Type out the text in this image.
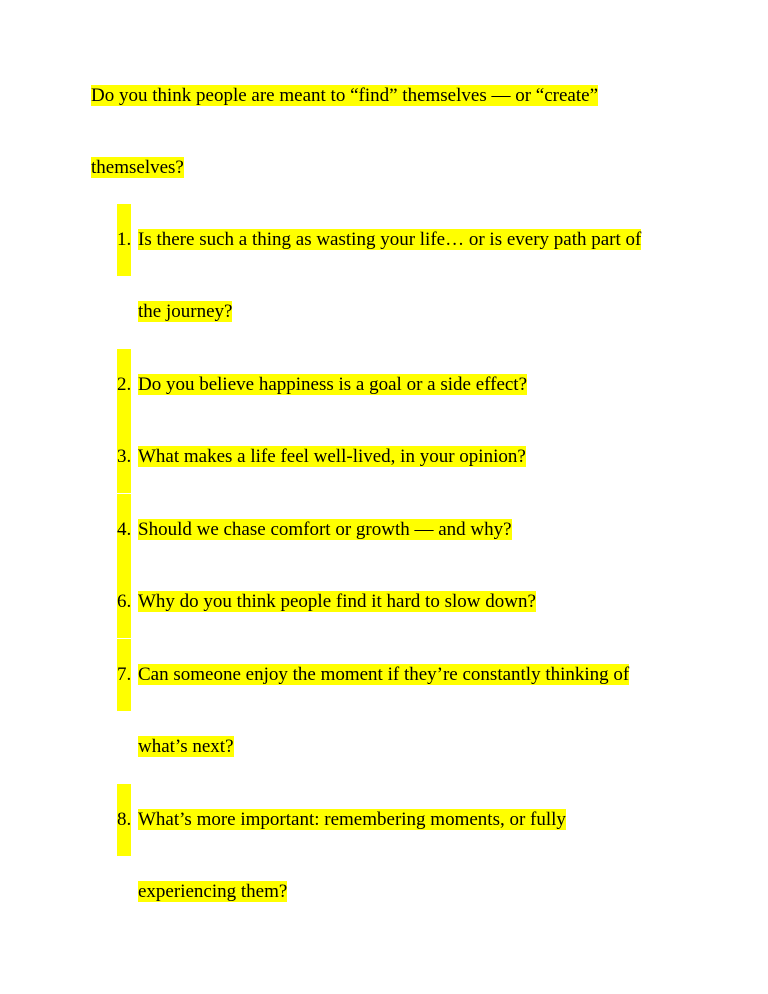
Do you think people are meant to “find” themselves — or “create” themselves?

1. Is there such a thing as wasting your life… or is every path part of the journey?
2. Do you believe happiness is a goal or a side effect?
3. What makes a life feel well-lived, in your opinion?
4. Should we chase comfort or growth — and why?
6. Why do you think people find it hard to slow down?
7. Can someone enjoy the moment if they’re constantly thinking of what’s next?
8. What’s more important: remembering moments, or fully experiencing them?
